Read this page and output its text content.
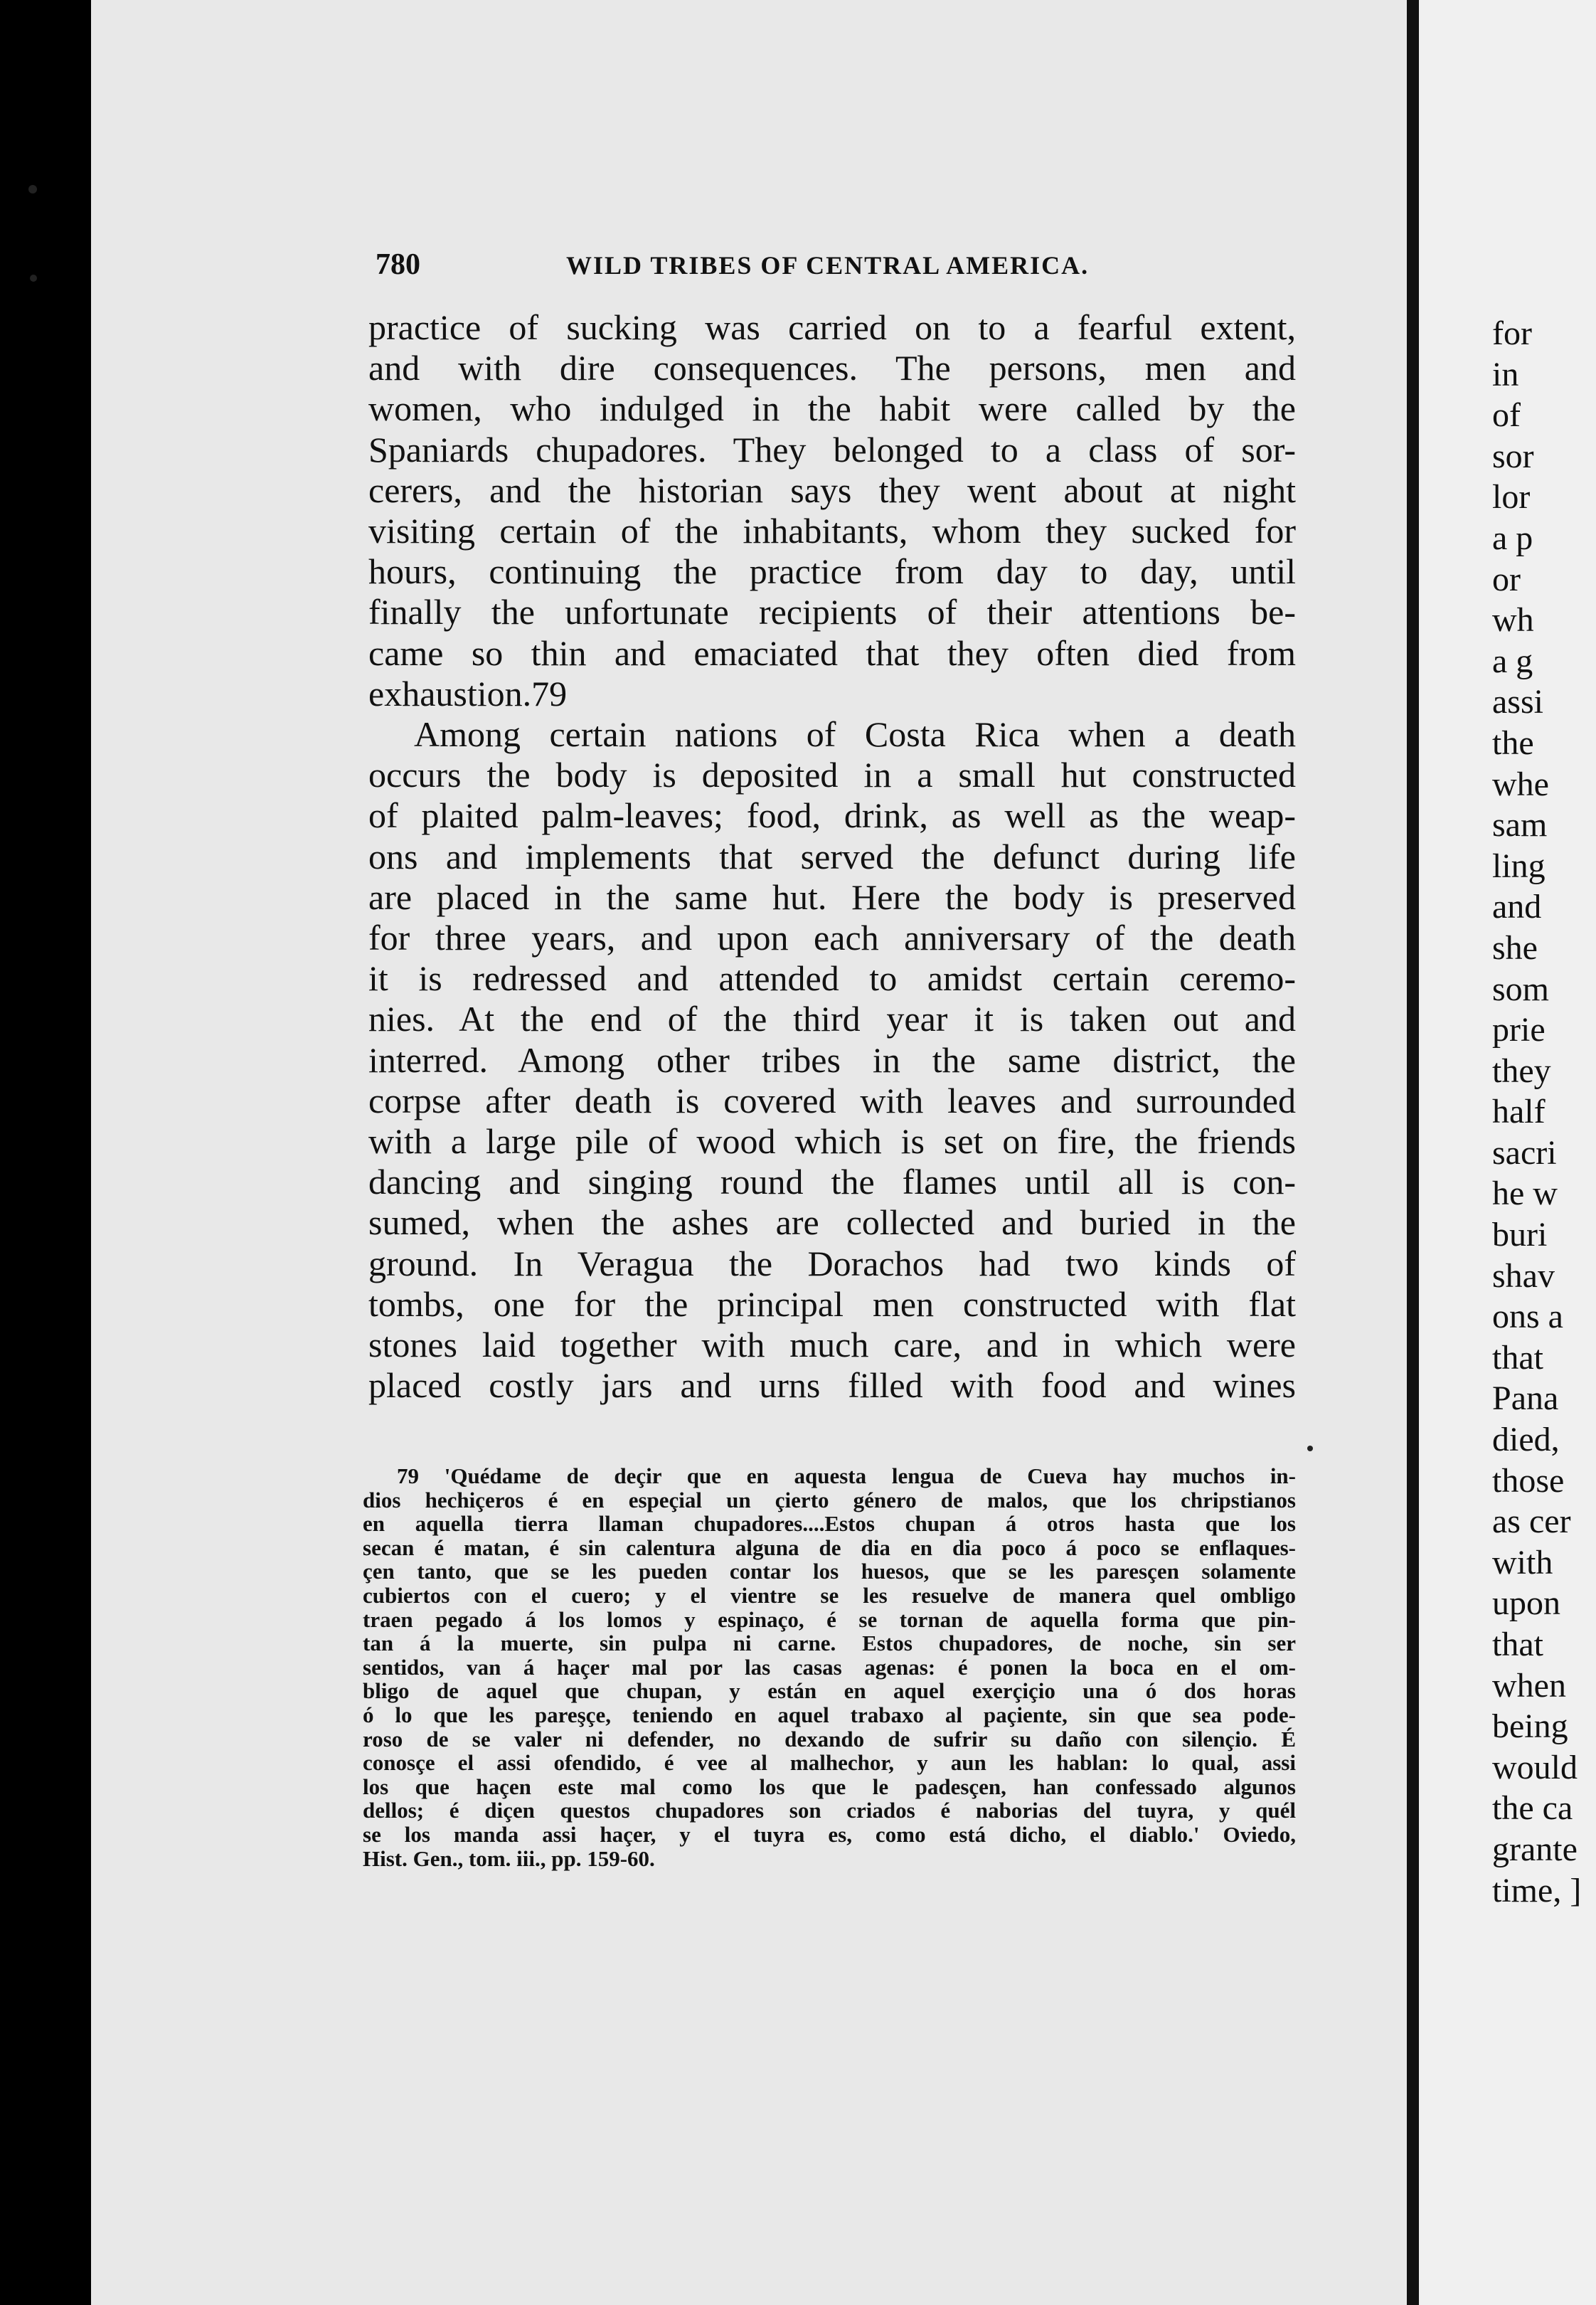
780	WILD TRIBES OF CENTRAL AMERICA.
practice of sucking was carried on to a fearful extent,
and with dire consequences. The persons, men and
women, who indulged in the habit were called by the
Spaniards chupadores. They belonged to a class of sor-
cerers, and the historian says they went about at night
visiting certain of the inhabitants, whom they sucked for
hours, continuing the practice from day to day, until
finally the unfortunate recipients of their attentions be-
came so thin and emaciated that they often died from
exhaustion.79
Among certain nations of Costa Rica when a death
occurs the body is deposited in a small hut constructed
of plaited palm-leaves; food, drink, as well as the weap-
ons and implements that served the defunct during life
are placed in the same hut. Here the body is preserved
for three years, and upon each anniversary of the death
it is redressed and attended to amidst certain ceremo-
nies. At the end of the third year it is taken out and
interred. Among other tribes in the same district, the
corpse after death is covered with leaves and surrounded
with a large pile of wood which is set on fire, the friends
dancing and singing round the flames until all is con-
sumed, when the ashes are collected and buried in the
ground. In Veragua the Dorachos had two kinds of
tombs, one for the principal men constructed with flat
stones laid together with much care, and in which were
placed costly jars and urns filled with food and wines
79 'Quédame de deçir que en aquesta lengua de Cueva hay muchos in-
dios hechiçeros é en espeçial un çierto género de malos, que los chripstianos
en aquella tierra llaman chupadores....Estos chupan á otros hasta que los
secan é matan, é sin calentura alguna de dia en dia poco á poco se enflaques-
çen tanto, que se les pueden contar los huesos, que se les paresçen solamente
cubiertos con el cuero; y el vientre se les resuelve de manera quel ombligo
traen pegado á los lomos y espinaço, é se tornan de aquella forma que pin-
tan á la muerte, sin pulpa ni carne. Estos chupadores, de noche, sin ser
sentidos, van á haçer mal por las casas agenas: é ponen la boca en el om-
bligo de aquel que chupan, y están en aquel exerçiçio una ó dos horas
ó lo que les pareşçe, teniendo en aquel trabaxo al paçiente, sin que sea pode-
roso de se valer ni defender, no dexando de sufrir su daño con silençio. É
conosçe el assi ofendido, é vee al malhechor, y aun les hablan: lo qual, assi
los que haçen este mal como los que le padesçen, han confessado algunos
dellos; é diçen questos chupadores son criados é naborias del tuyra, y quél
se los manda assi haçer, y el tuyra es, como está dicho, el diablo.' Oviedo,
Hist. Gen., tom. iii., pp. 159-60.
for
in
of
sor
lor
a p
or
wh
a g
assi
the
whe
sam
ling
and
she
som
prie
they
half
sacri
he w
buri
shav
ons a
that
Pana
died,
those
as cer
with
upon
that
when
being
would
the ca
grante
time, ]
